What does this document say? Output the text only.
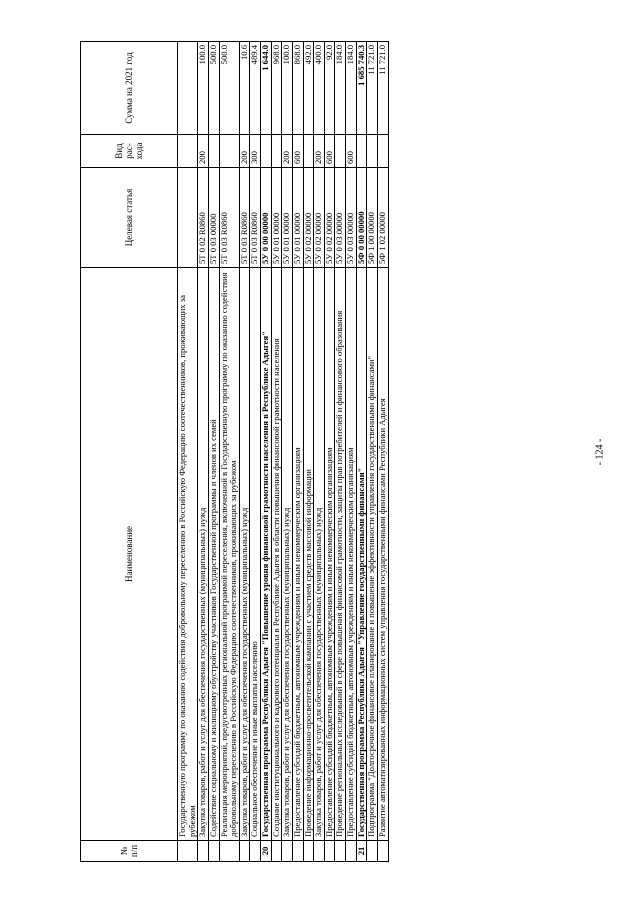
- 124 -
№ п/п	Наименование	Целевая статья	Вид рас-хода	Сумма на 2021 год
	Государственную программу по оказанию содействия добровольному переселению в Российскую Федерацию соотечественников, проживающих за рубежом			
	Закупка товаров, работ и услуг для обеспечения государственных (муниципальных) нужд	5Т 0 02 R0860	200	100.0
	Содействие социальному и жилищному обустройству участников Государственной программы и членов их семей	5Т 0 03 00000		500.0
	Реализация мероприятий, предусмотренных региональной программой переселения, включенной в Государственную программу по оказанию содействия добровольному переселению в Российскую Федерацию соотечественников, проживающих за рубежом	5Т 0 03 R0860		500.0
	Закупка товаров, работ и услуг для обеспечения государственных (муниципальных) нужд	5Т 0 03 R0860	200	10.6
	Социальное обеспечение и иные выплаты населению	5Т 0 03 R0860	300	489.4
20	Государственная программа Республики Адыгея "Повышение уровня финансовой грамотности населения в Республике Адыгея"	5У 0 00 00000		1 644.0
	Создание институционального и кадрового потенциала в Республике Адыгея в области повышения финансовой грамотности населения	5У 0 01 00000		968.0
	Закупка товаров, работ и услуг для обеспечения государственных (муниципальных) нужд	5У 0 01 00000	200	100.0
	Предоставление субсидий бюджетным, автономным учреждениям и иным некоммерческим организациям	5У 0 01 00000	600	868.0
	Проведение информационно-просветительской кампании с участием средств массовой информации	5У 0 02 00000		492.0
	Закупка товаров, работ и услуг для обеспечения государственных (муниципальных) нужд	5У 0 02 00000	200	400.0
	Предоставление субсидий бюджетным, автономным учреждениям и иным некоммерческим организациям	5У 0 02 00000	600	92.0
	Проведение региональных исследований в сфере повышения финансовой грамотности, защиты прав потребителей и финансового образования	5У 0 03 00000		184.0
	Предоставление субсидий бюджетным, автономным учреждениям и иным некоммерческим организациям	5У 0 03 00000	600	184.0
21	Государственная программа Республики Адыгея "Управление государственными финансами"	5Ф 0 00 00000		1 685 740.3
	Подпрограмма "Долгосрочное финансовое планирование и повышение эффективности управления государственными финансами"	5Ф 1 00 00000		11 721.0
	Развитие автоматизированных информационных систем управления государственными финансами Республики Адыгея	5Ф 1 02 00000		11 721.0
